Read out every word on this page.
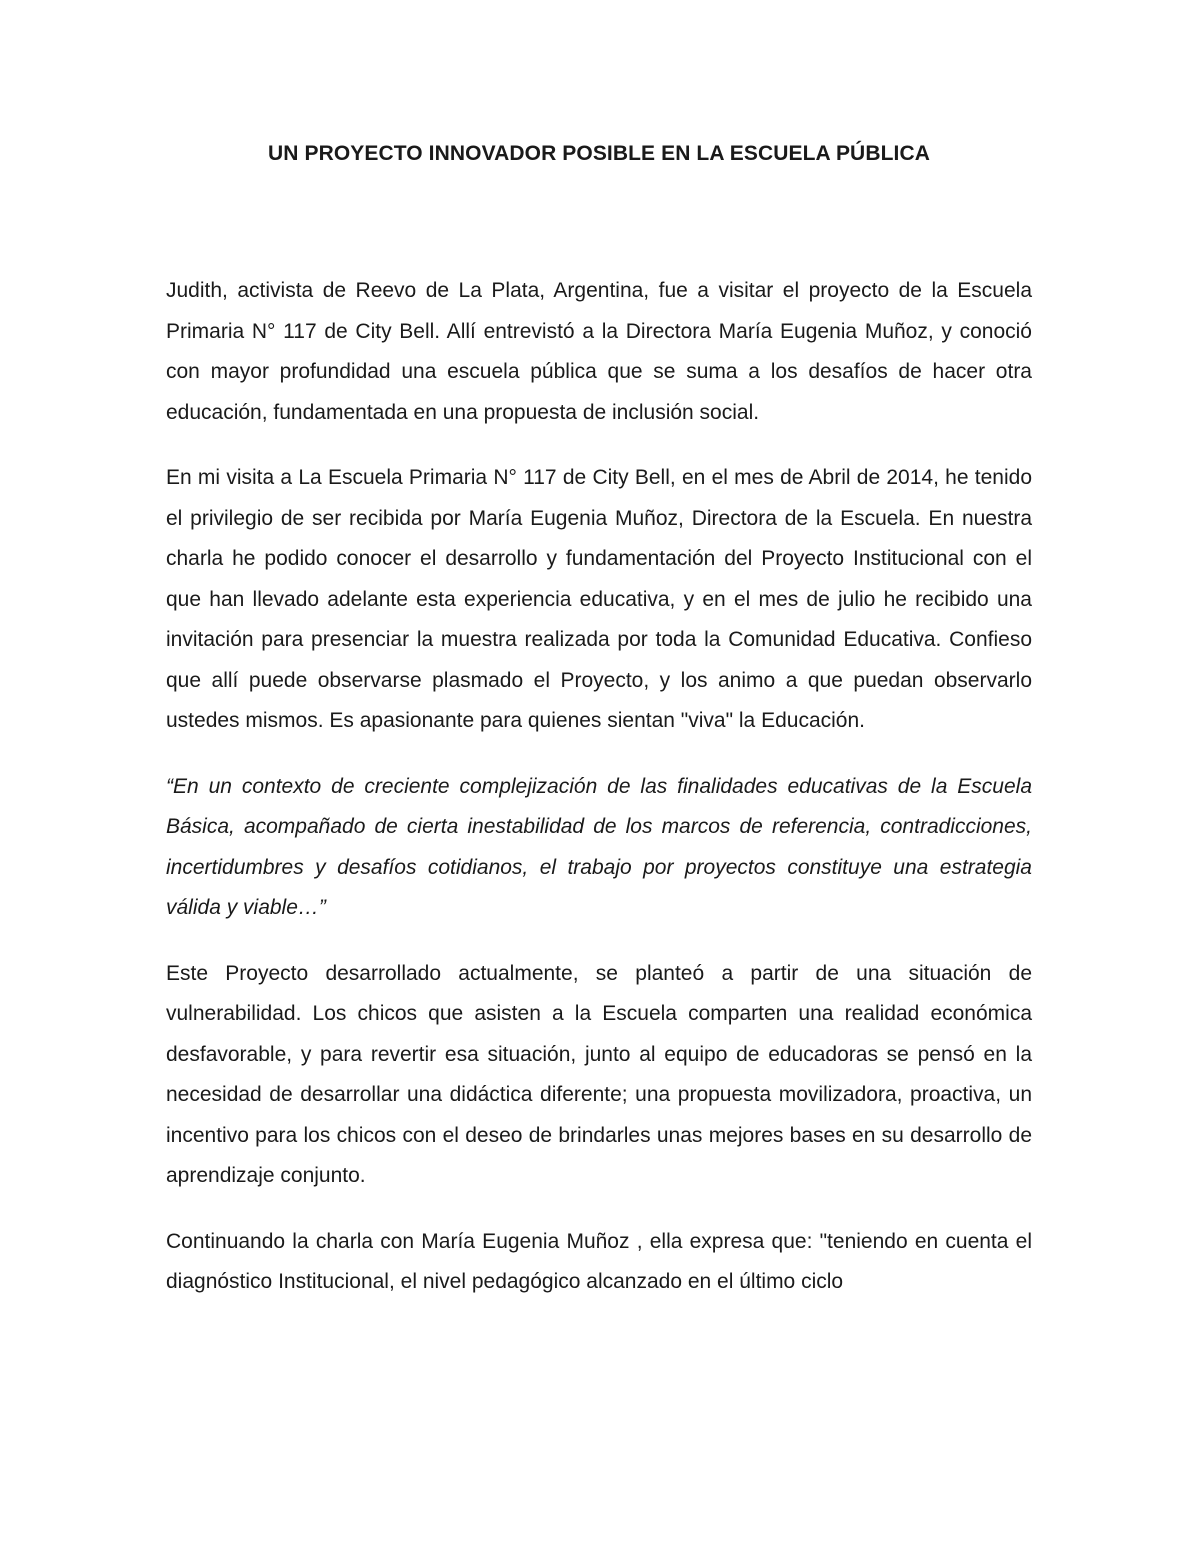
UN PROYECTO INNOVADOR POSIBLE EN LA ESCUELA PÚBLICA

Judith, activista de Reevo de La Plata, Argentina, fue a visitar el proyecto de la Escuela Primaria N° 117 de City Bell. Allí entrevistó a la Directora María Eugenia Muñoz, y conoció con mayor profundidad una escuela pública que se suma a los desafíos de hacer otra educación, fundamentada en una propuesta de inclusión social.

En mi visita a La Escuela Primaria N° 117 de City Bell, en el mes de Abril de 2014, he tenido el privilegio de ser recibida por María Eugenia Muñoz, Directora de la Escuela. En nuestra charla he podido conocer el desarrollo y fundamentación del Proyecto Institucional con el que han llevado adelante esta experiencia educativa, y en el mes de julio he recibido una invitación para presenciar la muestra realizada por toda la Comunidad Educativa. Confieso que allí puede observarse plasmado el Proyecto, y los animo a que puedan observarlo ustedes mismos. Es apasionante para quienes sientan "viva" la Educación.

“En un contexto de creciente complejización de las finalidades educativas de la Escuela Básica, acompañado de cierta inestabilidad de los marcos de referencia, contradicciones, incertidumbres y desafíos cotidianos, el trabajo por proyectos constituye una estrategia válida y viable…”

Este Proyecto desarrollado actualmente, se planteó a partir de una situación de vulnerabilidad. Los chicos que asisten a la Escuela comparten una realidad económica desfavorable, y para revertir esa situación, junto al equipo de educadoras se pensó en la necesidad de desarrollar una didáctica diferente; una propuesta movilizadora, proactiva, un incentivo para los chicos con el deseo de brindarles unas mejores bases en su desarrollo de aprendizaje conjunto.

Continuando la charla con María Eugenia Muñoz , ella expresa que: "teniendo en cuenta el diagnóstico Institucional, el nivel pedagógico alcanzado en el último ciclo
